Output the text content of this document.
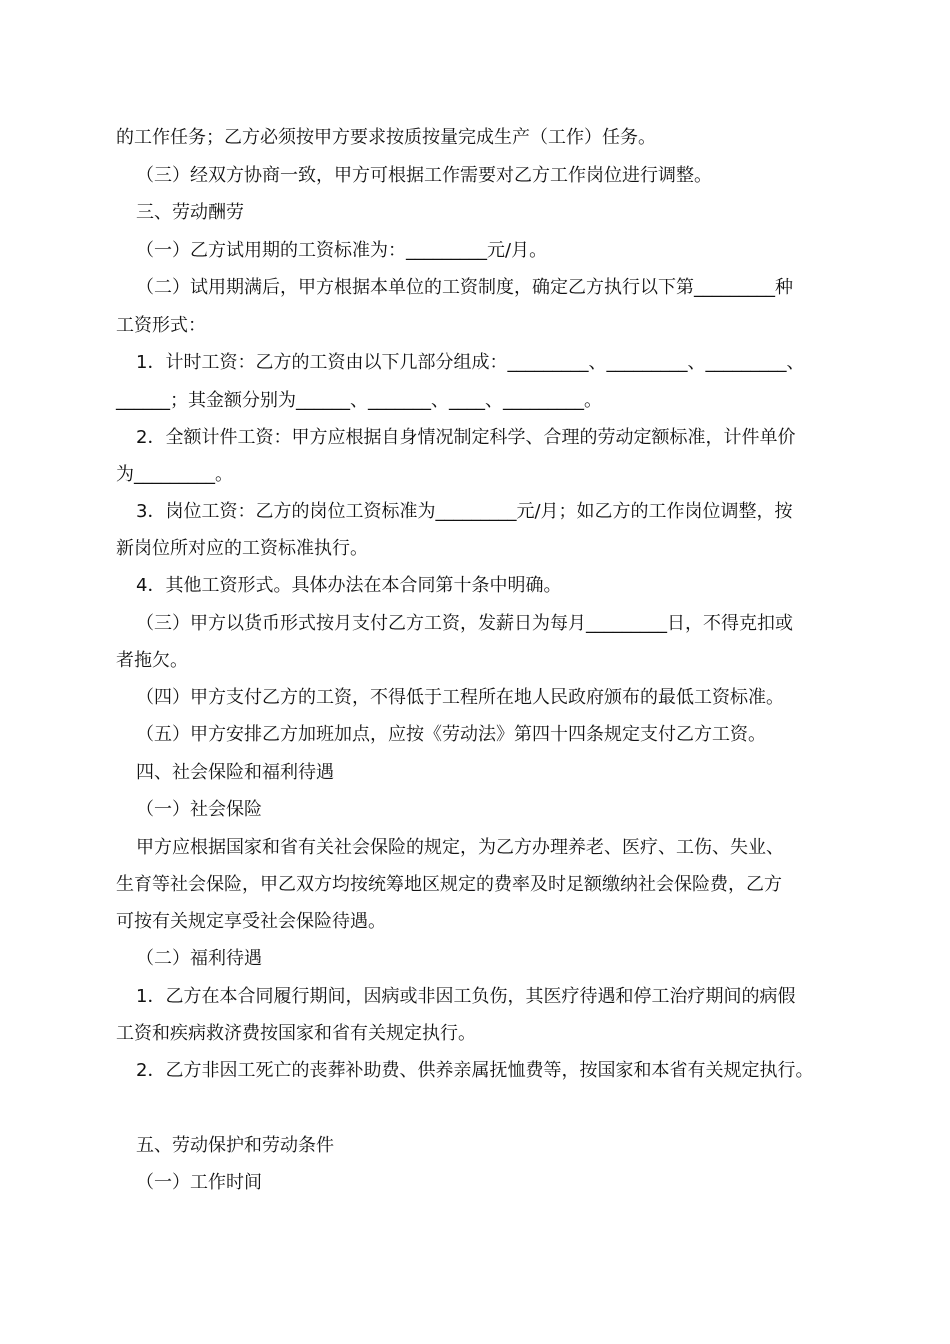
的工作任务；乙方必须按甲方要求按质按量完成生产（工作）任务。
（三）经双方协商一致，甲方可根据工作需要对乙方工作岗位进行调整。
三、劳动酬劳
（一）乙方试用期的工资标准为：_________元/月。
（二）试用期满后，甲方根据本单位的工资制度，确定乙方执行以下第_________种
工资形式：
1．计时工资：乙方的工资由以下几部分组成：_________、_________、_________、
______；其金额分别为______、_______、____、_________。
2．全额计件工资：甲方应根据自身情况制定科学、合理的劳动定额标准，计件单价
为_________。
3．岗位工资：乙方的岗位工资标准为_________元/月；如乙方的工作岗位调整，按
新岗位所对应的工资标准执行。
4．其他工资形式。具体办法在本合同第十条中明确。
（三）甲方以货币形式按月支付乙方工资，发薪日为每月_________日，不得克扣或
者拖欠。
（四）甲方支付乙方的工资，不得低于工程所在地人民政府颁布的最低工资标准。
（五）甲方安排乙方加班加点，应按《劳动法》第四十四条规定支付乙方工资。
四、社会保险和福利待遇
（一）社会保险
甲方应根据国家和省有关社会保险的规定，为乙方办理养老、医疗、工伤、失业、
生育等社会保险，甲乙双方均按统筹地区规定的费率及时足额缴纳社会保险费，乙方
可按有关规定享受社会保险待遇。
（二）福利待遇
1．乙方在本合同履行期间，因病或非因工负伤，其医疗待遇和停工治疗期间的病假
工资和疾病救济费按国家和省有关规定执行。
2．乙方非因工死亡的丧葬补助费、供养亲属抚恤费等，按国家和本省有关规定执行。
五、劳动保护和劳动条件
（一）工作时间
